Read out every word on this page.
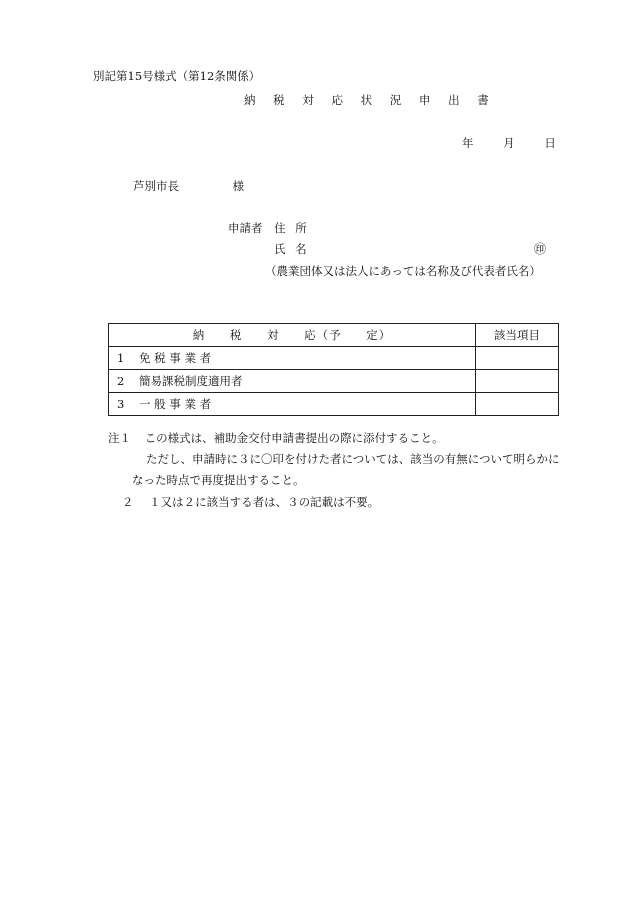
別記第15号様式（第12条関係）
納 税 対 応 状 況 申 出 書
年	月	日
芦別市長	様
申請者 住 所
氏 名	㊞
（農業団体又は法人にあっては名称及び代表者氏名）
納 税 対 応（予 定）	該当項目
1 免 税 事 業 者	
2 簡易課税制度適用者	
3 一 般 事 業 者	
注１ この様式は、補助金交付申請書提出の際に添付すること。
ただし、申請時に３に〇印を付けた者については、該当の有無について明らかに
なった時点で再度提出すること。
２ １又は２に該当する者は、３の記載は不要。
